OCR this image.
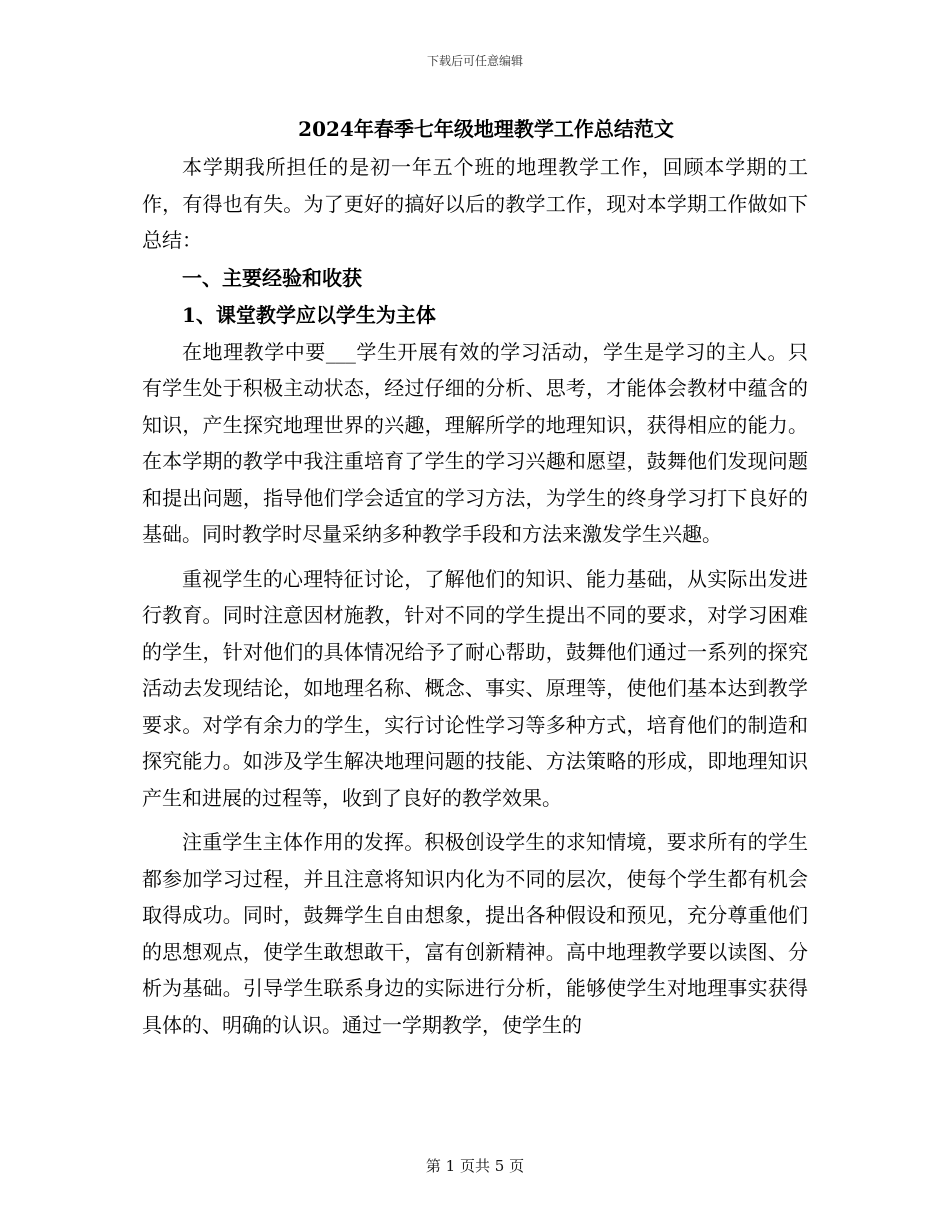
下载后可任意编辑
2024年春季七年级地理教学工作总结范文

本学期我所担任的是初一年五个班的地理教学工作，回顾本学期的工作，有得也有失。为了更好的搞好以后的教学工作，现对本学期工作做如下总结：

一、主要经验和收获

1、课堂教学应以学生为主体

在地理教学中要___学生开展有效的学习活动，学生是学习的主人。只有学生处于积极主动状态，经过仔细的分析、思考，才能体会教材中蕴含的知识，产生探究地理世界的兴趣，理解所学的地理知识，获得相应的能力。在本学期的教学中我注重培育了学生的学习兴趣和愿望，鼓舞他们发现问题和提出问题，指导他们学会适宜的学习方法，为学生的终身学习打下良好的基础。同时教学时尽量采纳多种教学手段和方法来激发学生兴趣。

重视学生的心理特征讨论，了解他们的知识、能力基础，从实际出发进行教育。同时注意因材施教，针对不同的学生提出不同的要求，对学习困难的学生，针对他们的具体情况给予了耐心帮助，鼓舞他们通过一系列的探究活动去发现结论，如地理名称、概念、事实、原理等，使他们基本达到教学要求。对学有余力的学生，实行讨论性学习等多种方式，培育他们的制造和探究能力。如涉及学生解决地理问题的技能、方法策略的形成，即地理知识产生和进展的过程等，收到了良好的教学效果。

注重学生主体作用的发挥。积极创设学生的求知情境，要求所有的学生都参加学习过程，并且注意将知识内化为不同的层次，使每个学生都有机会取得成功。同时，鼓舞学生自由想象，提出各种假设和预见，充分尊重他们的思想观点，使学生敢想敢干，富有创新精神。高中地理教学要以读图、分析为基础。引导学生联系身边的实际进行分析，能够使学生对地理事实获得具体的、明确的认识。通过一学期教学，使学生的

第 1 页共 5 页
